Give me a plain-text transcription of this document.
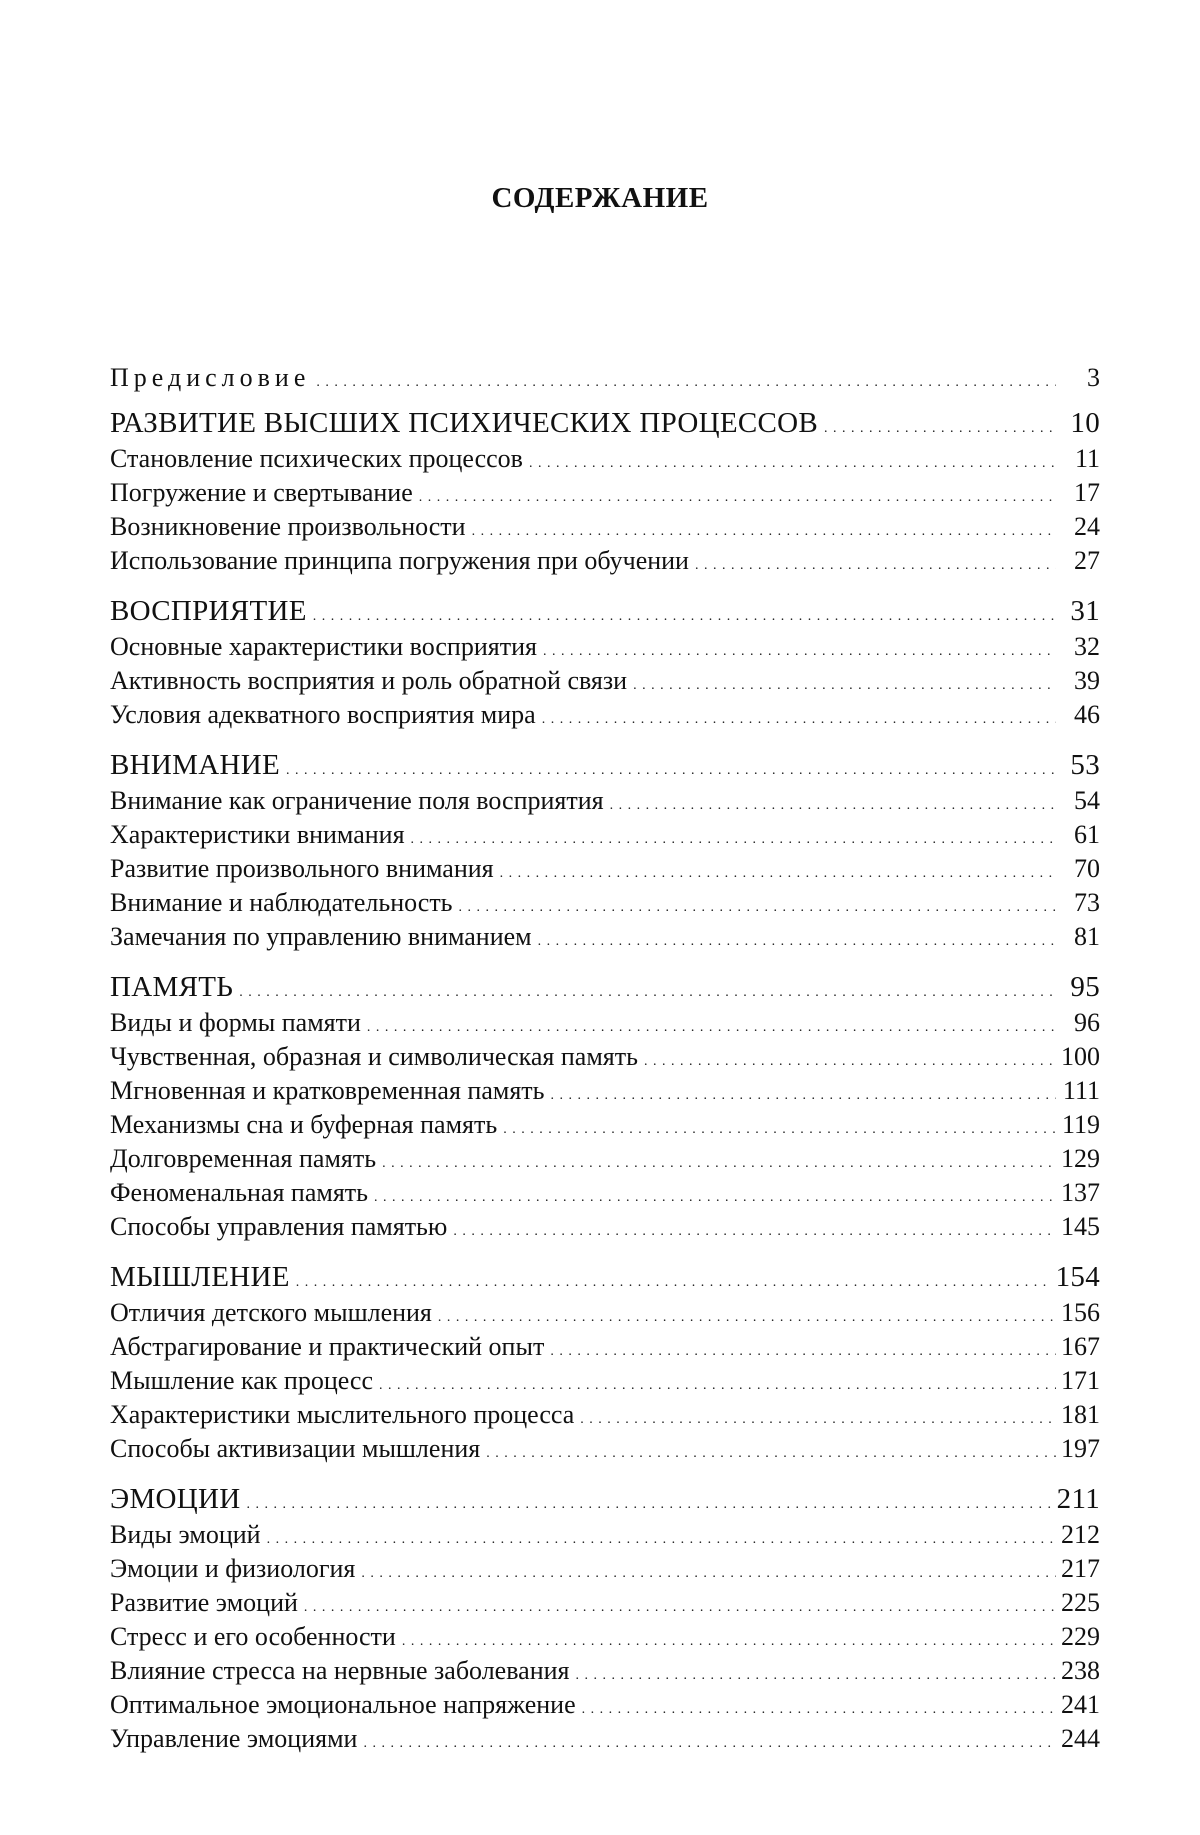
СОДЕРЖАНИЕ
Предисловие
. . .	3
РАЗВИТИЕ ВЫСШИХ ПСИХИЧЕСКИХ ПРОЦЕССОВ
. . .	10
Становление психических процессов
. . .	11
Погружение и свертывание
. . .	17
Возникновение произвольности
. . .	24
Использование принципа погружения при обучении
. . .	27
ВОСПРИЯТИЕ
. . .	31
Основные характеристики восприятия
. . .	32
Активность восприятия и роль обратной связи
. . .	39
Условия адекватного восприятия мира
. . .	46
ВНИМАНИЕ
. . .	53
Внимание как ограничение поля восприятия
. . .	54
Характеристики внимания
. . .	61
Развитие произвольного внимания
. . .	70
Внимание и наблюдательность
. . .	73
Замечания по управлению вниманием
. . .	81
ПАМЯТЬ
. . .	95
Виды и формы памяти
. . .	96
Чувственная, образная и символическая память
. . .	100
Мгновенная и кратковременная память
. . .	111
Механизмы сна и буферная память
. . .	119
Долговременная память
. . .	129
Феноменальная память
. . .	137
Способы управления памятью
. . .	145
МЫШЛЕНИЕ
. . .	154
Отличия детского мышления
. . .	156
Абстрагирование и практический опыт
. . .	167
Мышление как процесс
. . .	171
Характеристики мыслительного процесса
. . .	181
Способы активизации мышления
. . .	197
ЭМОЦИИ
. . .	211
Виды эмоций
. . .	212
Эмоции и физиология
. . .	217
Развитие эмоций
. . .	225
Стресс и его особенности
. . .	229
Влияние стресса на нервные заболевания
. . .	238
Оптимальное эмоциональное напряжение
. . .	241
Управление эмоциями
. . .	244
